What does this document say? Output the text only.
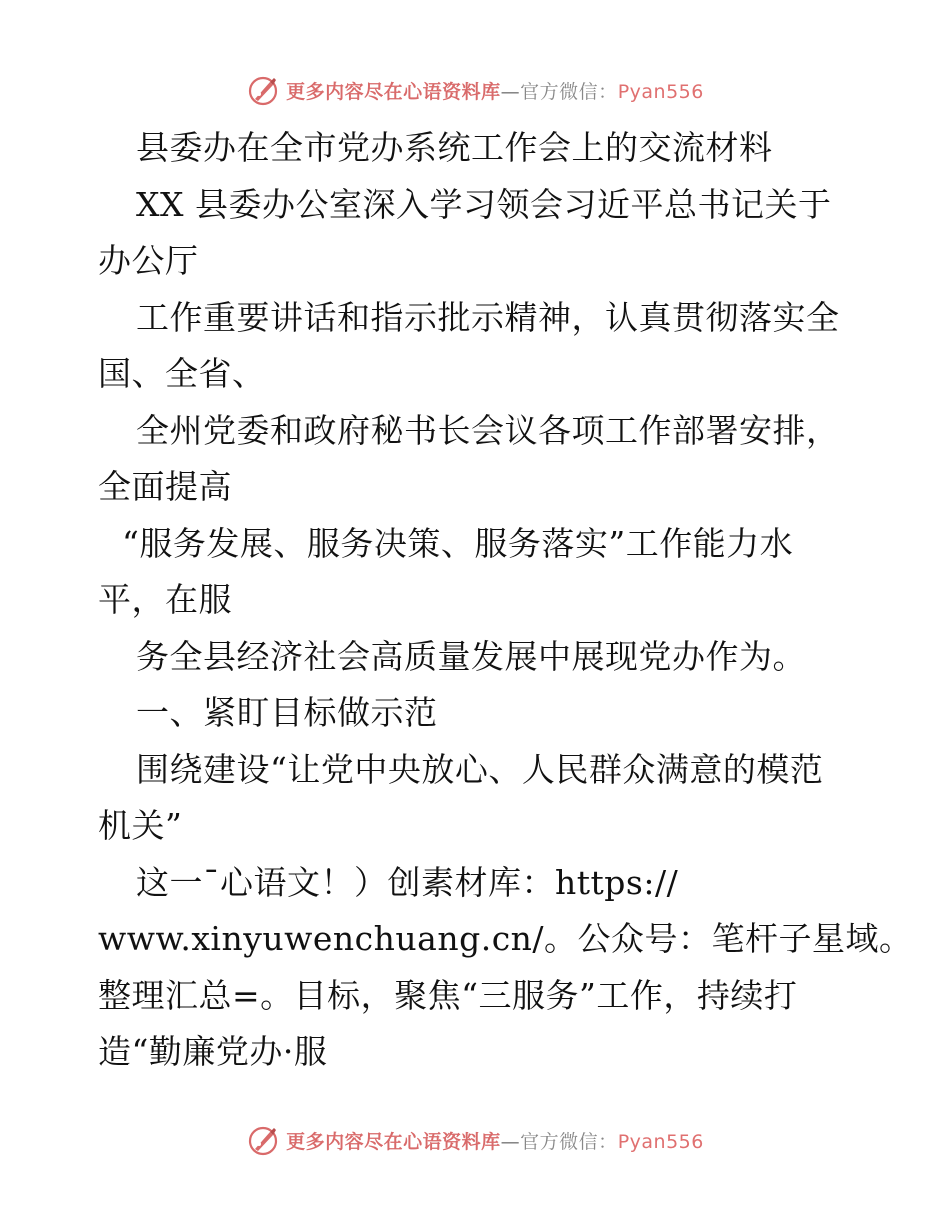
更多内容尽在心语资料库—官方微信：Pyan556
县委办在全市党办系统工作会上的交流材料
XX 县委办公室深入学习领会习近平总书记关于
办公厅
工作重要讲话和指示批示精神，认真贯彻落实全
国、全省、
全州党委和政府秘书长会议各项工作部署安排，
全面提高
“服务发展、服务决策、服务落实”工作能力水
平，在服
务全县经济社会高质量发展中展现党办作为。
一、紧盯目标做示范
围绕建设“让党中央放心、人民群众满意的模范
机关”
这一¯心语文！）创素材库：https://
www.xinyuwenchuang.cn/。公众号：笔杆子星域。
整理汇总=。目标，聚焦“三服务”工作，持续打
造“勤廉党办·服
更多内容尽在心语资料库—官方微信：Pyan556
